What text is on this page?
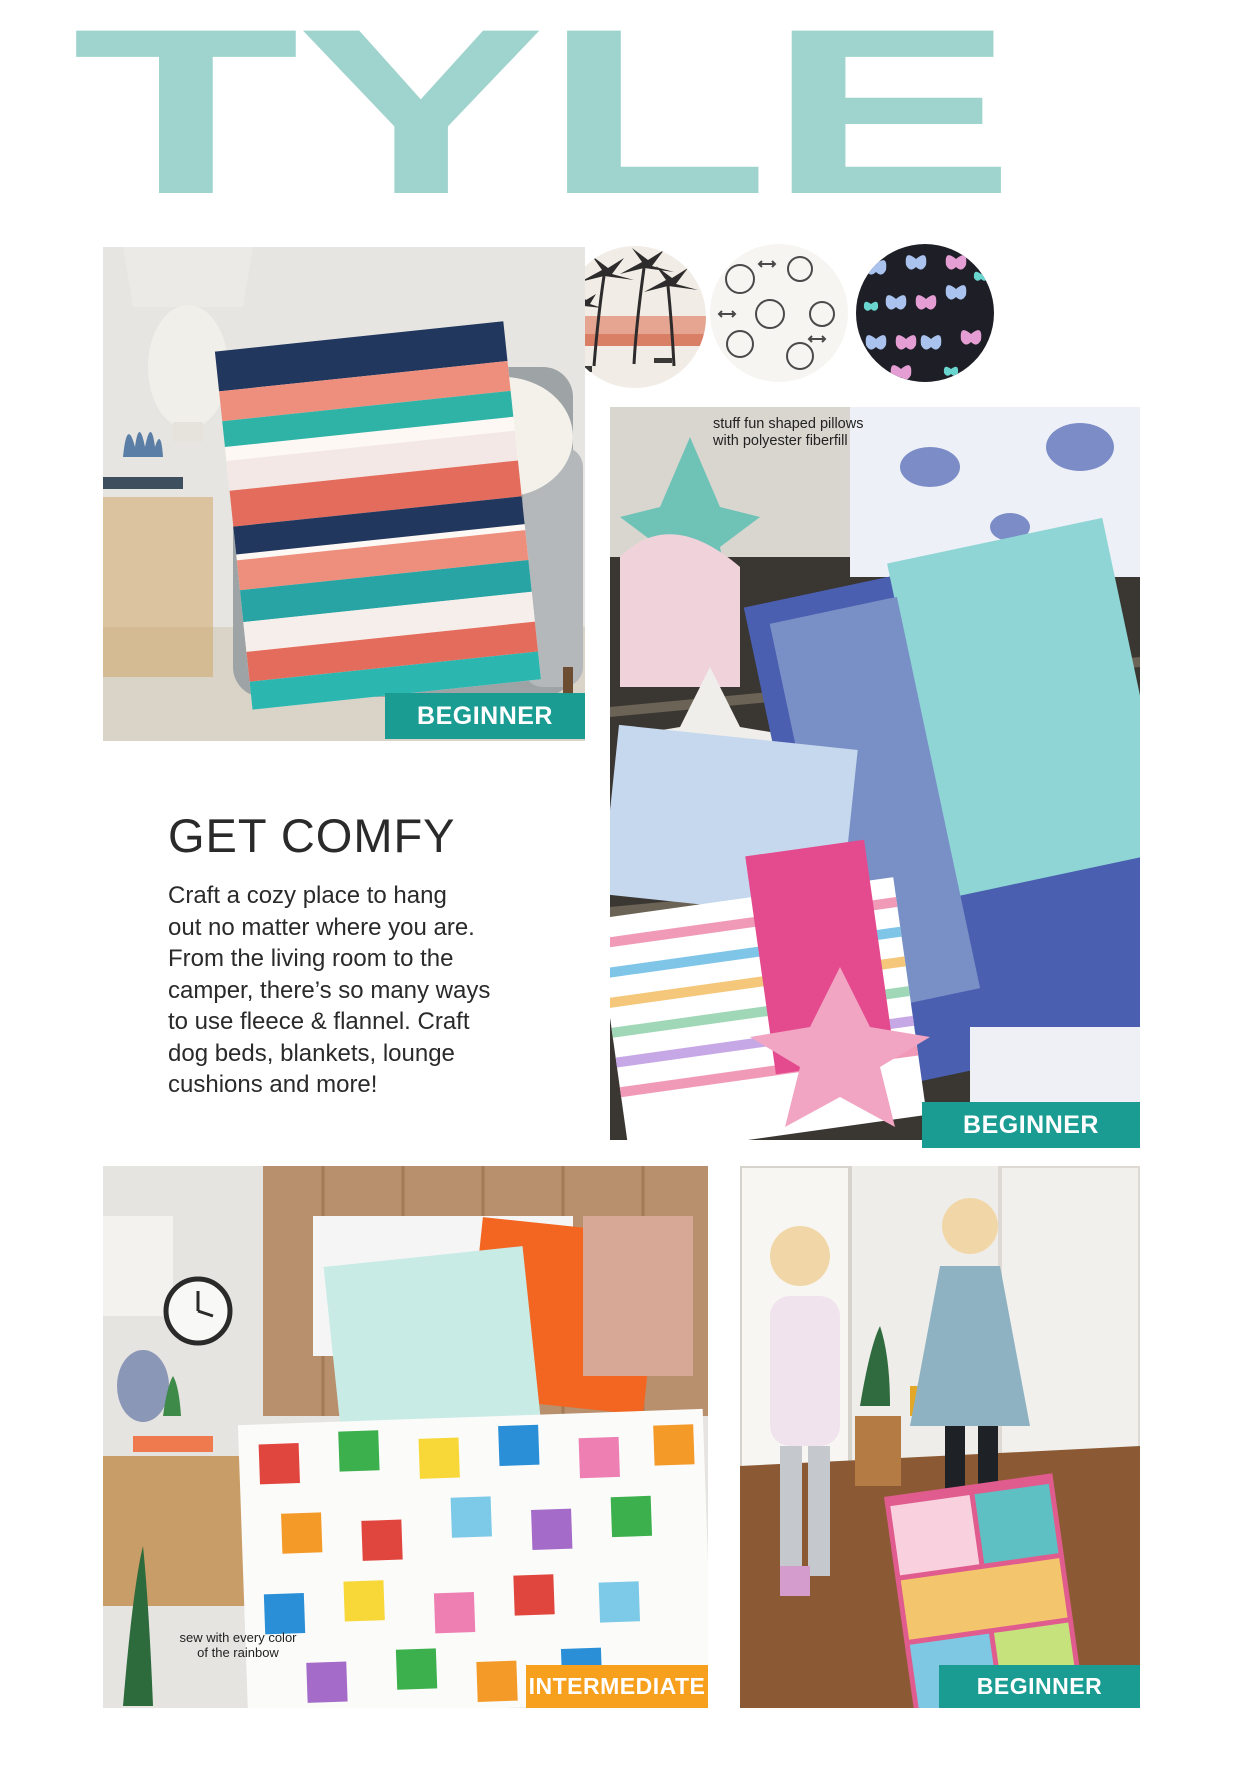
TYLE
BEGINNER
stuff fun shaped pillows
with polyester fiberfill
BEGINNER
GET COMFY
Craft a cozy place to hang
out no matter where you are.
From the living room to the
camper, there’s so many ways
to use fleece & flannel. Craft
dog beds, blankets, lounge
cushions and more!
sew with every color
of the rainbow
INTERMEDIATE	BEGINNER
